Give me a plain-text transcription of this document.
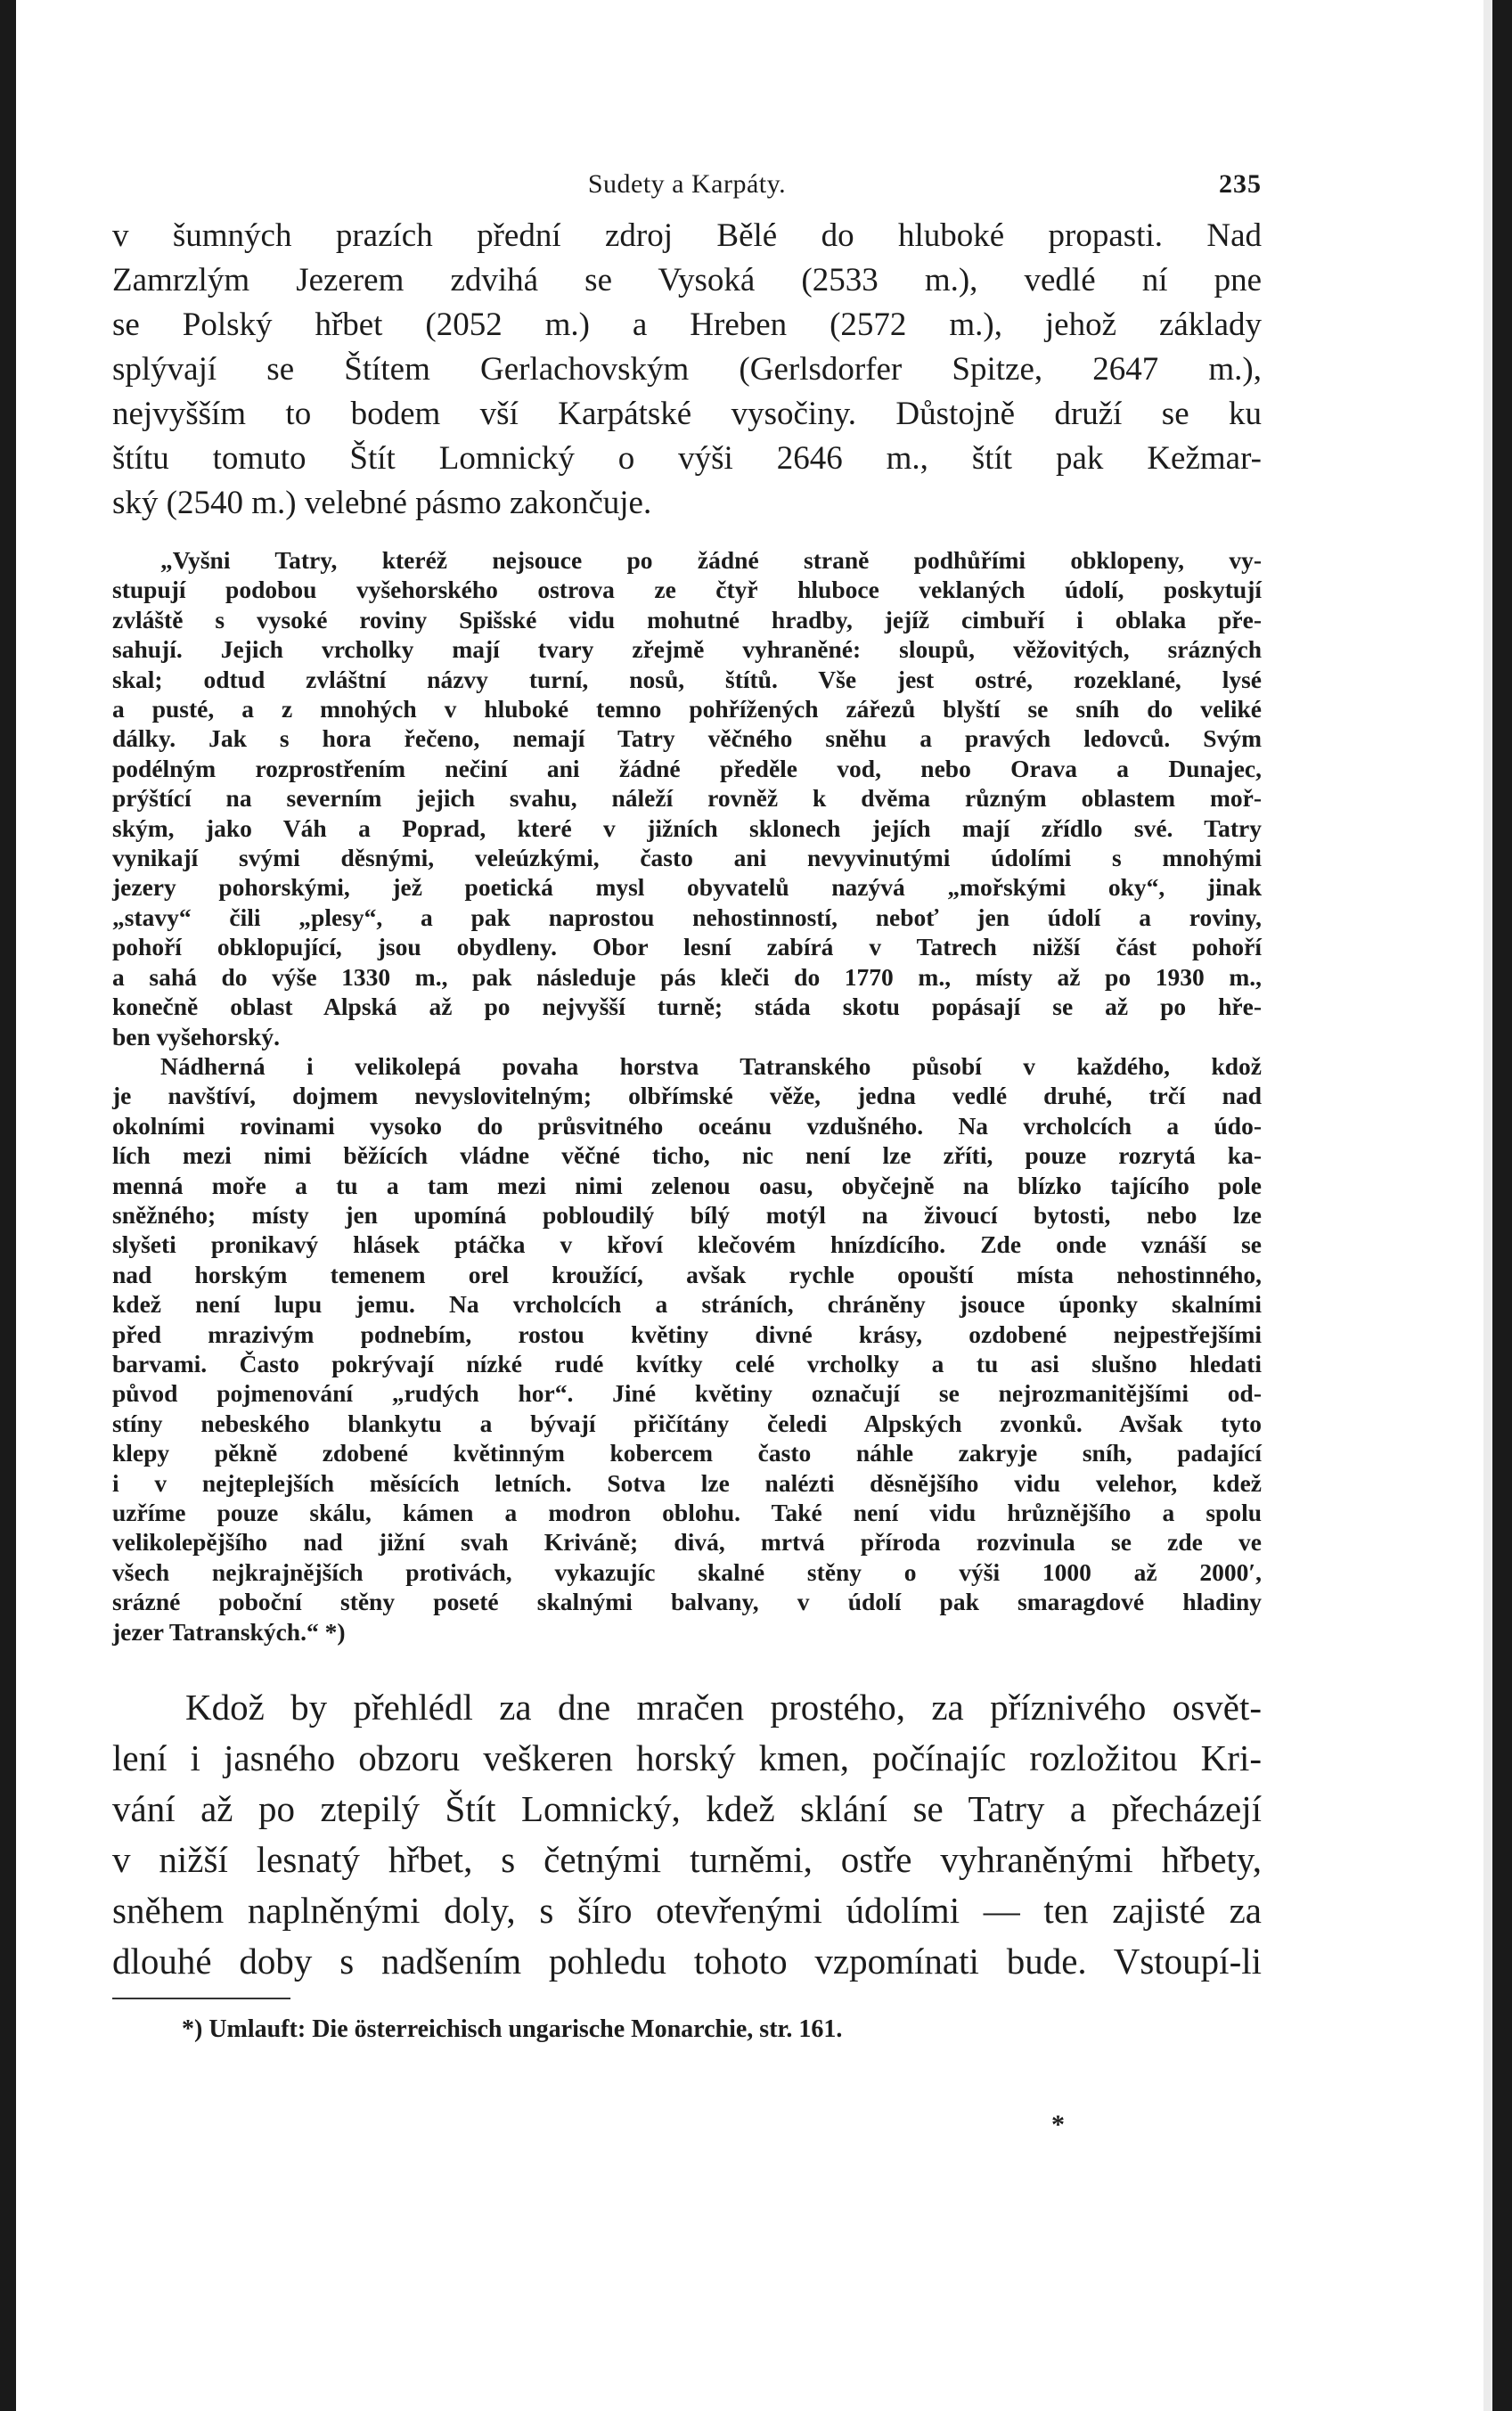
Sudety a Karpáty.	235
v šumných prazích přední zdroj Bělé do hluboké propasti. Nad
Zamrzlým Jezerem zdvihá se Vysoká (2533 m.), vedlé ní pne
se Polský hřbet (2052 m.) a Hreben (2572 m.), jehož základy
splývají se Štítem Gerlachovským (Gerlsdorfer Spitze, 2647 m.),
nejvyšším to bodem vší Karpátské vysočiny. Důstojně druží se ku
štítu tomuto Štít Lomnický o výši 2646 m., štít pak Kežmar-
ský (2540 m.) velebné pásmo zakončuje.
„Vyšni Tatry, kteréž nejsouce po žádné straně podhůřími obklopeny, vy-
stupují podobou vyšehorského ostrova ze čtyř hluboce veklaných údolí, poskytují
zvláště s vysoké roviny Spišské vidu mohutné hradby, jejíž cimbuří i oblaka pře-
sahují. Jejich vrcholky mají tvary zřejmě vyhraněné: sloupů, věžovitých, srázných
skal; odtud zvláštní názvy turní, nosů, štítů. Vše jest ostré, rozeklané, lysé
a pusté, a z mnohých v hluboké temno pohřížených zářezů blyští se sníh do veliké
dálky. Jak s hora řečeno, nemají Tatry věčného sněhu a pravých ledovců. Svým
podélným rozprostřením nečiní ani žádné předěle vod, nebo Orava a Dunajec,
prýštící na severním jejich svahu, náleží rovněž k dvěma různým oblastem moř-
ským, jako Váh a Poprad, které v jižních sklonech jejích mají zřídlo své. Tatry
vynikají svými děsnými, veleúzkými, často ani nevyvinutými údolími s mnohými
jezery pohorskými, jež poetická mysl obyvatelů nazývá „mořskými oky“, jinak
„stavy“ čili „plesy“, a pak naprostou nehostinností, neboť jen údolí a roviny,
pohoří obklopující, jsou obydleny. Obor lesní zabírá v Tatrech nižší část pohoří
a sahá do výše 1330 m., pak následuje pás kleči do 1770 m., místy až po 1930 m.,
konečně oblast Alpská až po nejvyšší turně; stáda skotu popásají se až po hře-
ben vyšehorský.
Nádherná i velikolepá povaha horstva Tatranského působí v každého, kdož
je navštíví, dojmem nevyslovitelným; olbřímské věže, jedna vedlé druhé, trčí nad
okolními rovinami vysoko do průsvitného oceánu vzdušného. Na vrcholcích a údo-
lích mezi nimi běžících vládne věčné ticho, nic není lze zříti, pouze rozrytá ka-
menná moře a tu a tam mezi nimi zelenou oasu, obyčejně na blízko tajícího pole
sněžného; místy jen upomíná pobloudilý bílý motýl na živoucí bytosti, nebo lze
slyšeti pronikavý hlásek ptáčka v křoví klečovém hnízdícího. Zde onde vznáší se
nad horským temenem orel kroužící, avšak rychle opouští místa nehostinného,
kdež není lupu jemu. Na vrcholcích a stráních, chráněny jsouce úponky skalními
před mrazivým podnebím, rostou květiny divné krásy, ozdobené nejpestřejšími
barvami. Často pokrývají nízké rudé kvítky celé vrcholky a tu asi slušno hledati
původ pojmenování „rudých hor“. Jiné květiny označují se nejrozmanitějšími od-
stíny nebeského blankytu a bývají přičítány čeledi Alpských zvonků. Avšak tyto
klepy pěkně zdobené květinným kobercem často náhle zakryje sníh, padající
i v nejteplejších měsících letních. Sotva lze nalézti děsnějšího vidu velehor, kdež
uzříme pouze skálu, kámen a modron oblohu. Také není vidu hrůznějšího a spolu
velikolepějšího nad jižní svah Kriváně; divá, mrtvá příroda rozvinula se zde ve
všech nejkrajnějších protivách, vykazujíc skalné stěny o výši 1000 až 2000′,
srázné poboční stěny poseté skalnými balvany, v údolí pak smaragdové hladiny
jezer Tatranských.“ *)
Kdož by přehlédl za dne mračen prostého, za příznivého osvět-
lení i jasného obzoru veškeren horský kmen, počínajíc rozložitou Kri-
vání až po ztepilý Štít Lomnický, kdež sklání se Tatry a přecházejí
v nižší lesnatý hřbet, s četnými turněmi, ostře vyhraněnými hřbety,
sněhem naplněnými doly, s šíro otevřenými údolími — ten zajisté za
dlouhé doby s nadšením pohledu tohoto vzpomínati bude. Vstoupí-li
*) Umlauft: Die österreichisch ungarische Monarchie, str. 161.
*
